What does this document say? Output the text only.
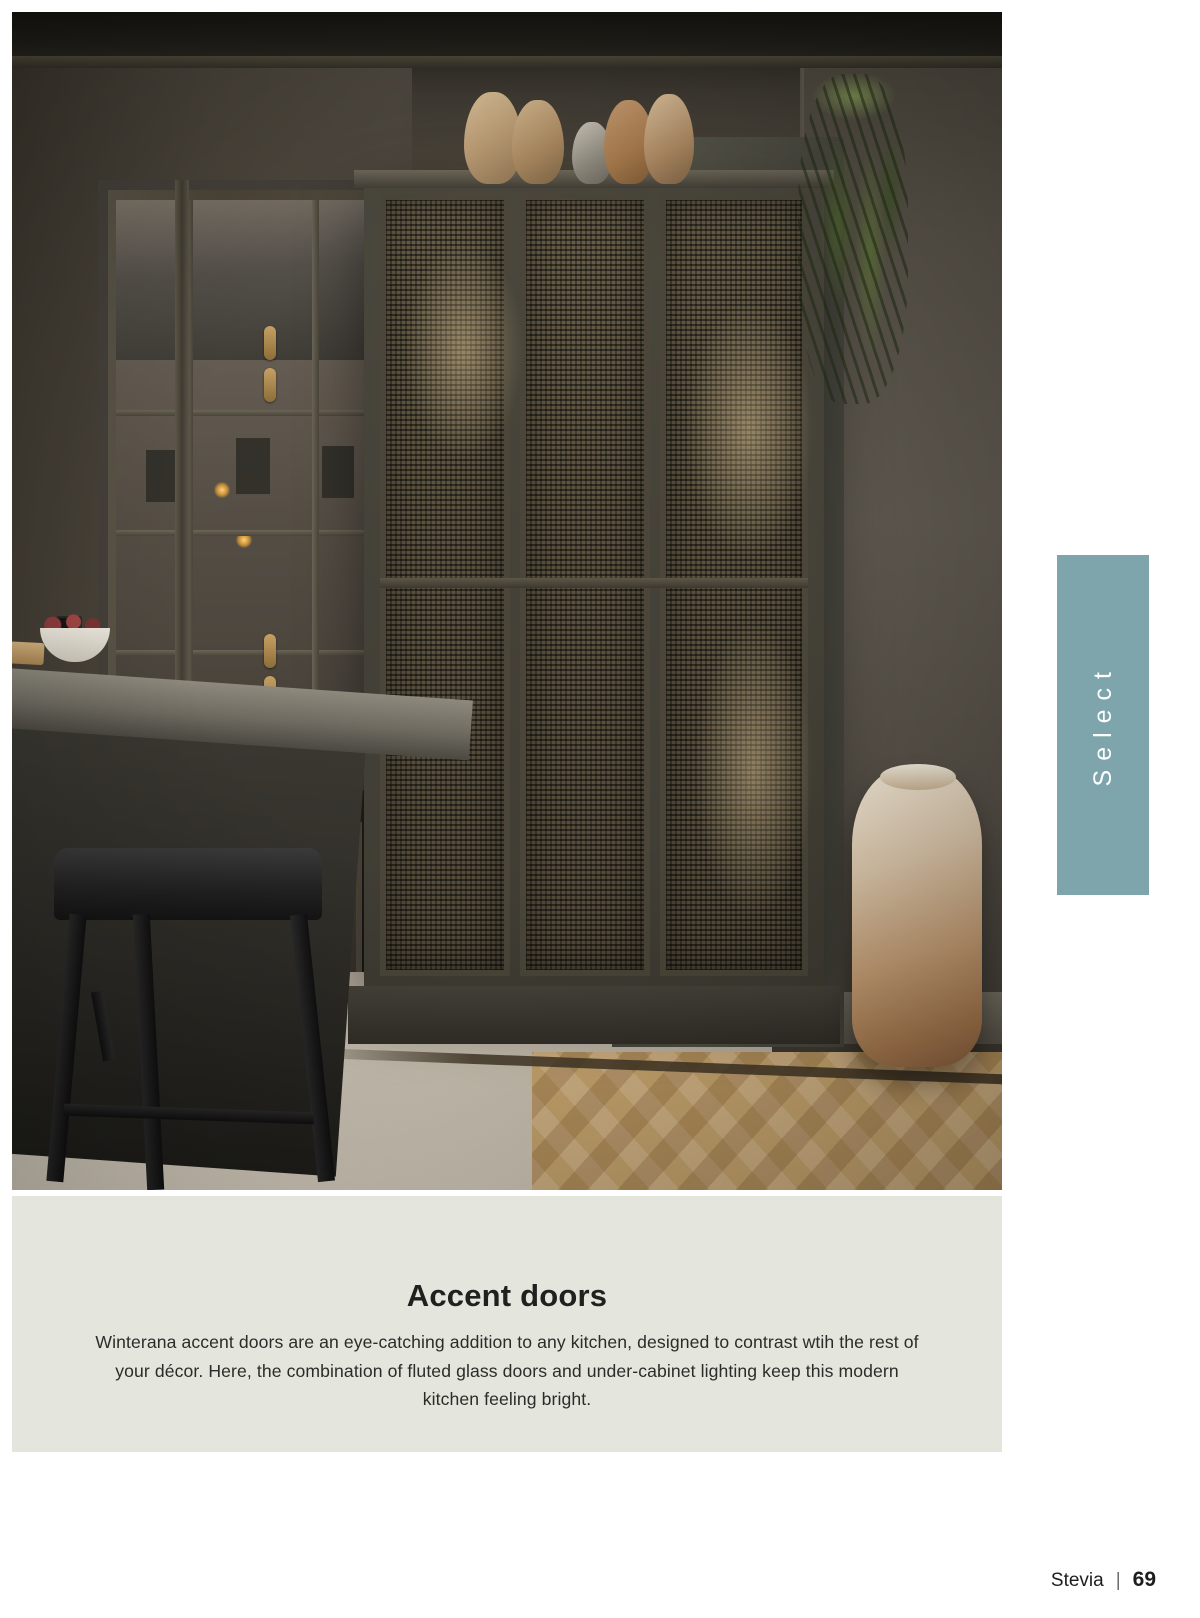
Select
Accent doors

Winterana accent doors are an eye-catching addition to any kitchen, designed to contrast wtih the rest of your décor. Here, the combination of fluted glass doors and under-cabinet lighting keep this modern kitchen feeling bright.

Stevia | 69
